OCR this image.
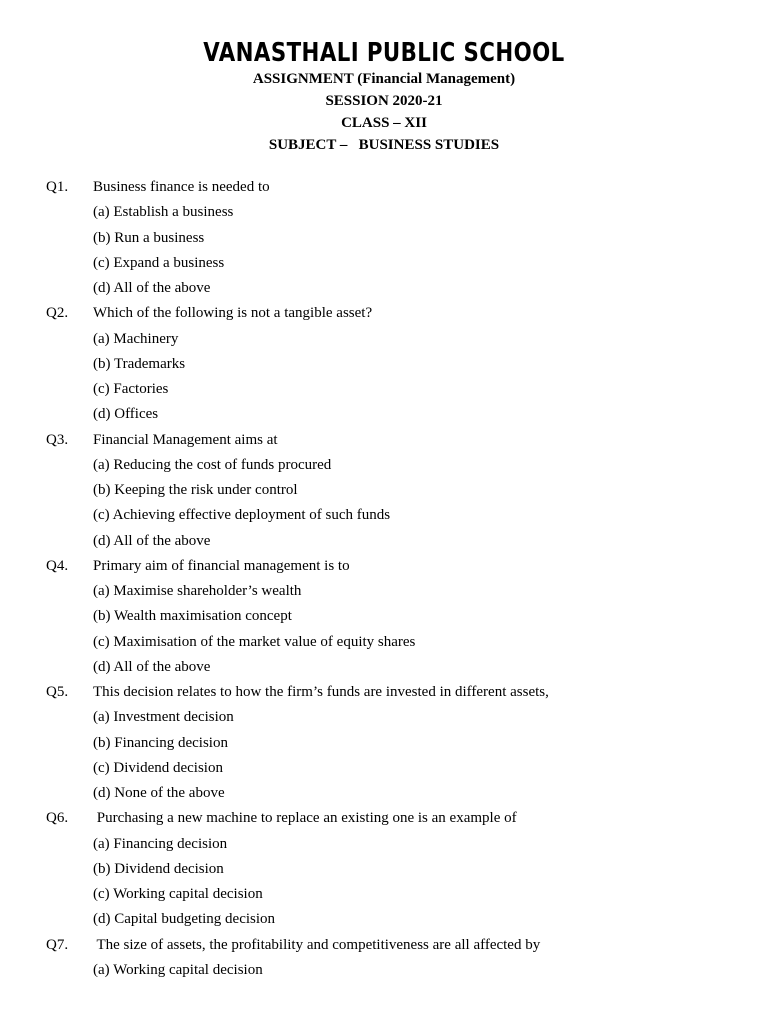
VANASTHALI PUBLIC SCHOOL
ASSIGNMENT (Financial Management)
SESSION 2020-21
CLASS – XII
SUBJECT –   BUSINESS STUDIES
Q1. Business finance is needed to
(a) Establish a business
(b) Run a business
(c) Expand a business
(d) All of the above
Q2. Which of the following is not a tangible asset?
(a) Machinery
(b) Trademarks
(c) Factories
(d) Offices
Q3. Financial Management aims at
(a) Reducing the cost of funds procured
(b) Keeping the risk under control
(c) Achieving effective deployment of such funds
(d) All of the above
Q4. Primary aim of financial management is to
(a) Maximise shareholder’s wealth
(b) Wealth maximisation concept
(c) Maximisation of the market value of equity shares
(d) All of the above
Q5. This decision relates to how the firm’s funds are invested in different assets,
(a) Investment decision
(b) Financing decision
(c) Dividend decision
(d) None of the above
Q6. Purchasing a new machine to replace an existing one is an example of
(a) Financing decision
(b) Dividend decision
(c) Working capital decision
(d) Capital budgeting decision
Q7. The size of assets, the profitability and competitiveness are all affected by
(a) Working capital decision
